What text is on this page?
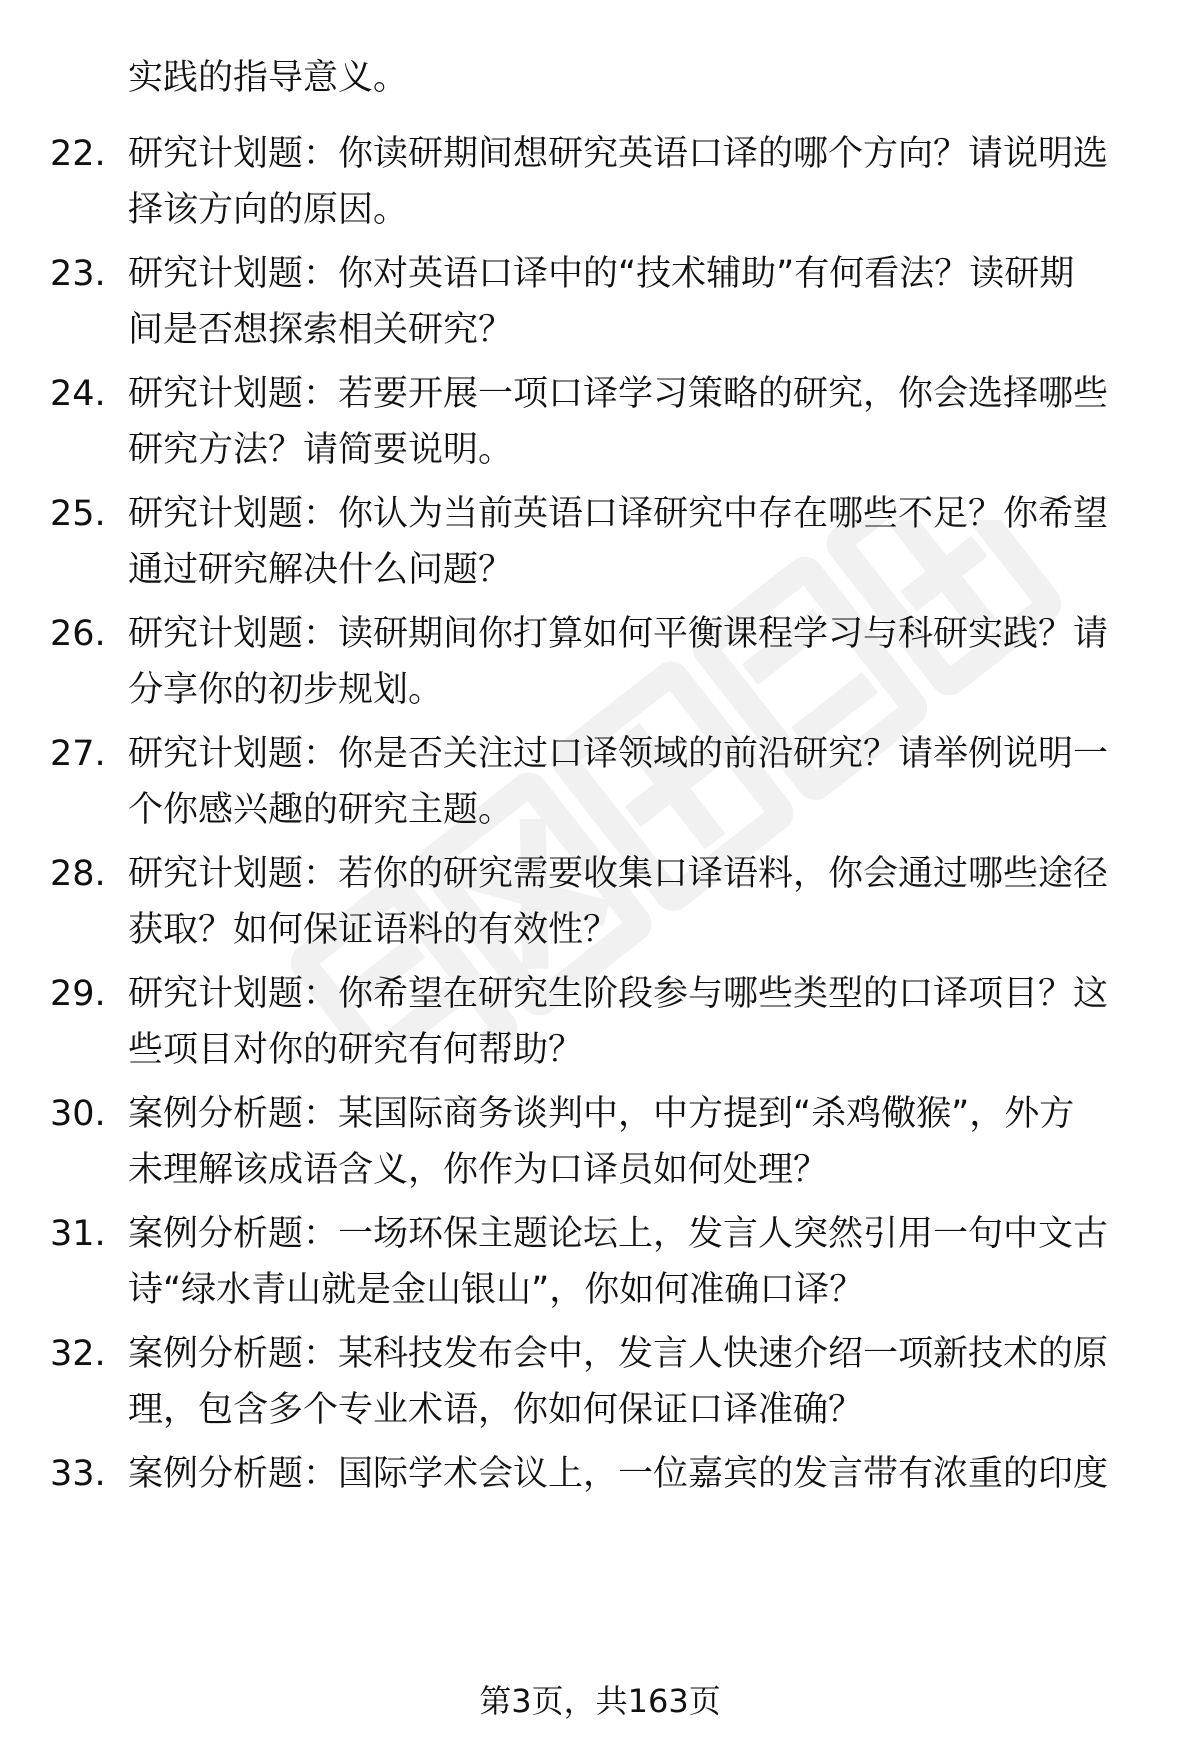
实践的指导意义。
22. 研究计划题：你读研期间想研究英语口译的哪个方向？请说明选
择该方向的原因。
23. 研究计划题：你对英语口译中的“技术辅助”有何看法？读研期
间是否想探索相关研究？
24. 研究计划题：若要开展一项口译学习策略的研究，你会选择哪些
研究方法？请简要说明。
25. 研究计划题：你认为当前英语口译研究中存在哪些不足？你希望
通过研究解决什么问题？
26. 研究计划题：读研期间你打算如何平衡课程学习与科研实践？请
分享你的初步规划。
27. 研究计划题：你是否关注过口译领域的前沿研究？请举例说明一
个你感兴趣的研究主题。
28. 研究计划题：若你的研究需要收集口译语料，你会通过哪些途径
获取？如何保证语料的有效性？
29. 研究计划题：你希望在研究生阶段参与哪些类型的口译项目？这
些项目对你的研究有何帮助？
30. 案例分析题：某国际商务谈判中，中方提到“杀鸡儆猴”，外方
未理解该成语含义，你作为口译员如何处理？
31. 案例分析题：一场环保主题论坛上，发言人突然引用一句中文古
诗“绿水青山就是金山银山”，你如何准确口译？
32. 案例分析题：某科技发布会中，发言人快速介绍一项新技术的原
理，包含多个专业术语，你如何保证口译准确？
33. 案例分析题：国际学术会议上，一位嘉宾的发言带有浓重的印度
第3页，共163页
